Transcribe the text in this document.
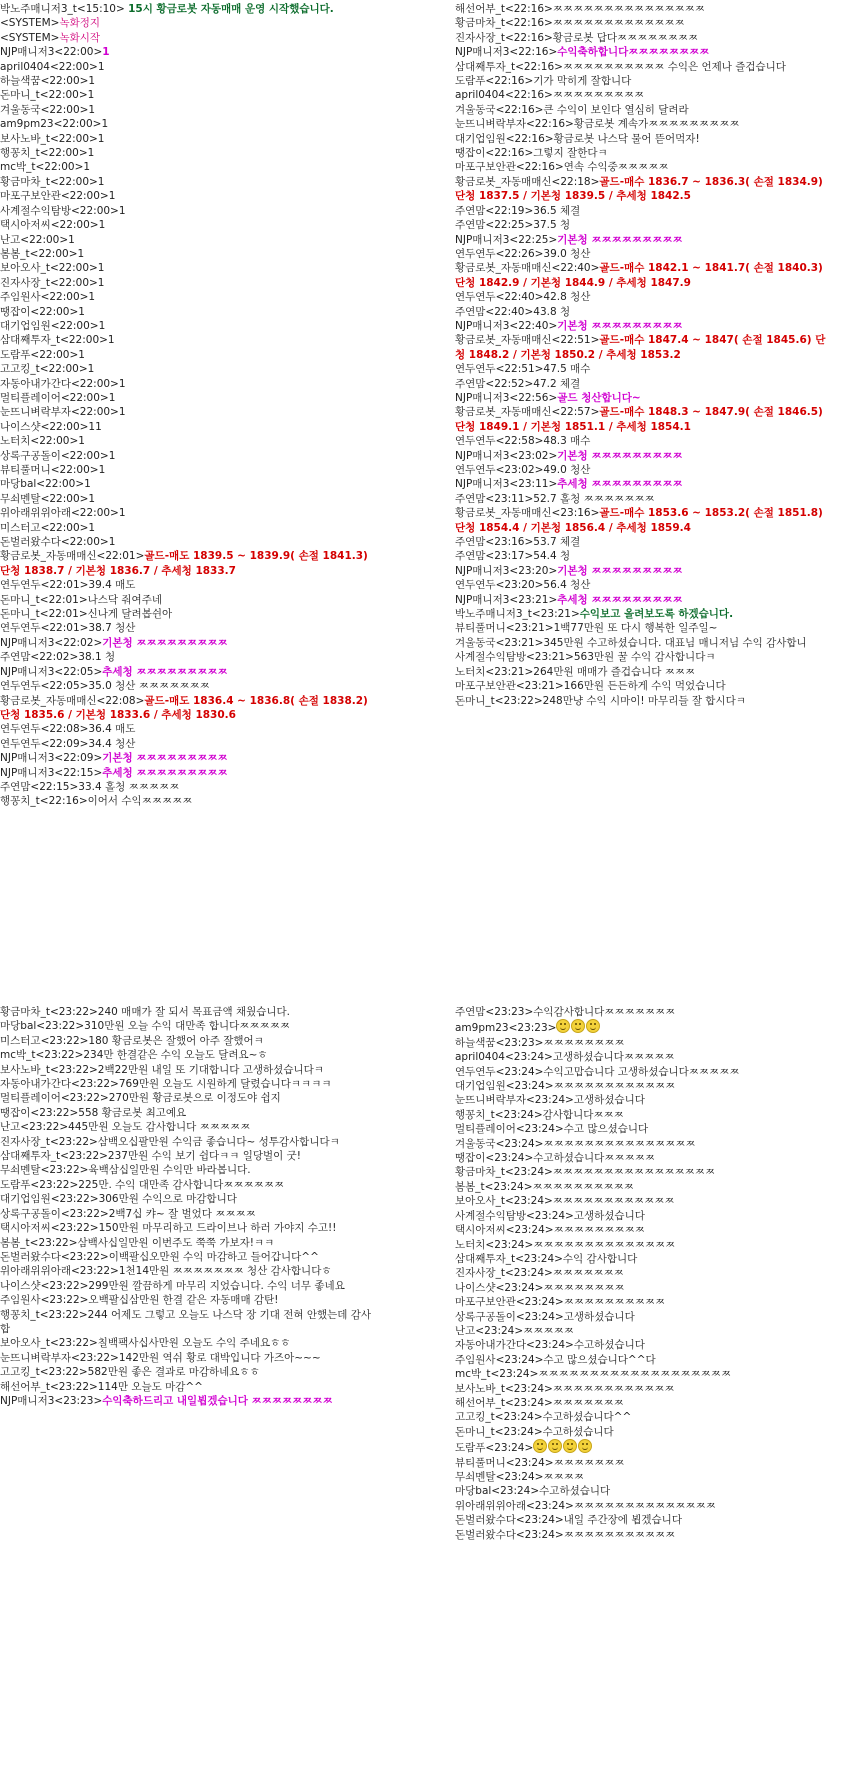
박노주매니저3_t<15:10> 15시 황금로봇 자동매매 운영 시작했습니다.
<SYSTEM>녹화정지
<SYSTEM>녹화시작
NJP매니저3<22:00>1
april0404<22:00>1
하늘색꿈<22:00>1
돈마니_t<22:00>1
겨울동국<22:00>1
am9pm23<22:00>1
보사노바_t<22:00>1
행꽁치_t<22:00>1
mc박_t<22:00>1
황금마차_t<22:00>1
마포구보안관<22:00>1
사계절수익탐방<22:00>1
택시아저씨<22:00>1
난고<22:00>1
봄봄_t<22:00>1
보아오사_t<22:00>1
진자사장_t<22:00>1
주임원사<22:00>1
땡잡이<22:00>1
대기업임원<22:00>1
삼대째투자_t<22:00>1
도람푸<22:00>1
고고킹_t<22:00>1
자동아내가간다<22:00>1
멀티플레이어<22:00>1
눈뜨니벼락부자<22:00>1
나이스샷<22:00>11
노터치<22:00>1
상록구공돌이<22:00>1
뷰티풀머니<22:00>1
마당bal<22:00>1
무쇠멘탈<22:00>1
위아래위위아래<22:00>1
미스터고<22:00>1
돈벌러왔수다<22:00>1
황금로봇_자동매매신<22:01>골드-매도 1839.5 ~ 1839.9( 손절 1841.3) 단청 1838.7 / 기본청 1836.7 / 추세청 1833.7
연두연두<22:01>39.4 매도
돈마니_t<22:01>나스닥 줘여주네
돈마니_t<22:01>신나게 달려봅쉰아
연두연두<22:01>38.7 청산
NJP매니저3<22:02>기본청 ㅉㅉㅉㅉㅉㅉㅉㅉㅉ
주연맘<22:02>38.1 청
NJP매니저3<22:05>추세청 ㅉㅉㅉㅉㅉㅉㅉㅉㅉ
연두연두<22:05>35.0 청산 ㅉㅉㅉㅉㅉㅉㅉ
황금로봇_자동매매신<22:08>골드-매도 1836.4 ~ 1836.8( 손절 1838.2) 단청 1835.6 / 기본청 1833.6 / 추세청 1830.6
연두연두<22:08>36.4 매도
연두연두<22:09>34.4 청산
NJP매니저3<22:09>기본청 ㅉㅉㅉㅉㅉㅉㅉㅉㅉ
NJP매니저3<22:15>추세청 ㅉㅉㅉㅉㅉㅉㅉㅉㅉ
주연맘<22:15>33.4 홀청 ㅉㅉㅉㅉㅉ
행꽁치_t<22:16>이어서 수익ㅉㅉㅉㅉㅉ
해선어부_t<22:16>ㅉㅉㅉㅉㅉㅉㅉㅉㅉㅉㅉㅉㅉㅉㅉ
황금마차_t<22:16>ㅉㅉㅉㅉㅉㅉㅉㅉㅉㅉㅉㅉㅉ
진자사장_t<22:16>황금로봇 답다ㅉㅉㅉㅉㅉㅉㅉㅉ
NJP매니저3<22:16>수익축하합니다ㅉㅉㅉㅉㅉㅉㅉㅉ
삼대째투자_t<22:16>ㅉㅉㅉㅉㅉㅉㅉㅉㅉㅉ 수익은 언제나 즐겁습니다
도람푸<22:16>기가 막히게 잘합니다
april0404<22:16>ㅉㅉㅉㅉㅉㅉㅉㅉㅉ
겨울동국<22:16>큰 수익이 보인다 열심히 달려라
눈뜨니벼락부자<22:16>황금로봇 계속가ㅉㅉㅉㅉㅉㅉㅉㅉㅉ
대기업임원<22:16>황금로봇 나스닥 물어 뜯어먹자!
땡잡이<22:16>그렇지 잘한다ㅋ
마포구보안관<22:16>연속 수익중ㅉㅉㅉㅉㅉ
황금로봇_자동매매신<22:18>골드-매수 1836.7 ~ 1836.3( 손절 1834.9) 단청 1837.5 / 기본청 1839.5 / 추세청 1842.5
주연맘<22:19>36.5 체결
주연맘<22:25>37.5 청
NJP매니저3<22:25>기본청 ㅉㅉㅉㅉㅉㅉㅉㅉㅉ
연두연두<22:26>39.0 청산
황금로봇_자동매매신<22:40>골드-매수 1842.1 ~ 1841.7( 손절 1840.3) 단청 1842.9 / 기본청 1844.9 / 추세청 1847.9
연두연두<22:40>42.8 청산
주연맘<22:40>43.8 청
NJP매니저3<22:40>기본청 ㅉㅉㅉㅉㅉㅉㅉㅉㅉ
황금로봇_자동매매신<22:51>골드-매수 1847.4 ~ 1847( 손절 1845.6) 단청 1848.2 / 기본청 1850.2 / 추세청 1853.2
연두연두<22:51>47.5 매수
주연맘<22:52>47.2 체결
NJP매니저3<22:56>골드 청산합니다~
황금로봇_자동매매신<22:57>골드-매수 1848.3 ~ 1847.9( 손절 1846.5) 단청 1849.1 / 기본청 1851.1 / 추세청 1854.1
연두연두<22:58>48.3 매수
NJP매니저3<23:02>기본청 ㅉㅉㅉㅉㅉㅉㅉㅉㅉ
연두연두<23:02>49.0 청산
NJP매니저3<23:11>추세청 ㅉㅉㅉㅉㅉㅉㅉㅉㅉ
주연맘<23:11>52.7 홀청 ㅉㅉㅉㅉㅉㅉㅉ
황금로봇_자동매매신<23:16>골드-매수 1853.6 ~ 1853.2( 손절 1851.8) 단청 1854.4 / 기본청 1856.4 / 추세청 1859.4
주연맘<23:16>53.7 체결
주연맘<23:17>54.4 청
NJP매니저3<23:20>기본청 ㅉㅉㅉㅉㅉㅉㅉㅉㅉ
연두연두<23:20>56.4 청산
NJP매니저3<23:21>추세청 ㅉㅉㅉㅉㅉㅉㅉㅉㅉ
박노주매니저3_t<23:21>수익보고 올려보도록 하겠습니다.
뷰티풀머니<23:21>1백77만원 또 다시 행복한 일주일~
겨울동국<23:21>345만원 수고하셨습니다. 대표님 매니저님 수익 감사합니
사계절수익탐방<23:21>563만원 꿀 수익 감사합니다ㅋ
노터치<23:21>264만원 매매가 즐겁습니다 ㅉㅉㅉ
마포구보안관<23:21>166만원 든든하게 수익 먹었습니다
돈마니_t<23:22>248만냥 수익 시마이! 마무리들 잘 합시다ㅋ
황금마차_t<23:22>240 매매가 잘 되서 목표금액 채웠습니다.
마당bal<23:22>310만원 오늘 수익 대만족 합니다ㅉㅉㅉㅉㅉ
미스터고<23:22>180 황금로봇은 잘했어 아주 잘했어ㅋ
mc박_t<23:22>234만 한결같은 수익 오늘도 달려요~ㅎ
보사노바_t<23:22>2백22만원 내일 또 기대합니다 고생하셨습니다ㅋ
자동아내가간다<23:22>769만원 오늘도 시원하게 달렸습니다ㅋㅋㅋㅋ
멀티플레이어<23:22>270만원 황금로봇으로 이정도야 쉽지
땡잡이<23:22>558 황금로봇 최고예요
난고<23:22>445만원 오늘도 감사합니다 ㅉㅉㅉㅉㅉ
진자사장_t<23:22>삼백오십팔만원 수익금 좋습니다~ 성투감사합니다ㅋ
삼대째투자_t<23:22>237만원 수익 보기 쉽다ㅋㅋ 일당벌이 굿!
무쇠멘탈<23:22>육백삼십일만원 수익만 바라봅니다.
도람푸<23:22>225만. 수익 대만족 감사합니다ㅉㅉㅉㅉㅉㅉ
대기업임원<23:22>306만원 수익으로 마감합니다
상록구공돌이<23:22>2백7십 캬~ 잘 벌었다 ㅉㅉㅉㅉ
택시아저씨<23:22>150만원 마무리하고 드라이브나 하러 가야지 수고!!
봄봄_t<23:22>삼백사십일만원 이번주도 쭉쭉 가보자!ㅋㅋ
돈벌러왔수다<23:22>이백팔십오만원 수익 마감하고 들어갑니다^^
위아래위위아래<23:22>1천14만원 ㅉㅉㅉㅉㅉㅉㅉ 청산 감사합니다ㅎ
나이스샷<23:22>299만원 깔끔하게 마무리 지었습니다. 수익 너무 좋네요
주임원사<23:22>오백팔십삼만원 한결 같은 자동매매 감탄!
행꽁치_t<23:22>244 어제도 그렇고 오늘도 나스닥 장 기대 전혀 안했는데 감사합
보아오사_t<23:22>칠백팩사십사만원 오늘도 수익 주네요ㅎㅎ
눈뜨니벼락부자<23:22>142만원 역쉬 황로 대박입니다 가즈아~~~
고고킹_t<23:22>582만원 좋은 결과로 마감하네요ㅎㅎ
해선어부_t<23:22>114만 오늘도 마감^^
NJP매니저3<23:23>수익축하드리고 내일뵙겠습니다 ㅉㅉㅉㅉㅉㅉㅉㅉ
주연맘<23:23>수익감사합니다ㅉㅉㅉㅉㅉㅉㅉ
am9pm23<23:23>
하늘색꿈<23:23>ㅉㅉㅉㅉㅉㅉㅉㅉ
april0404<23:24>고생하셨습니다ㅉㅉㅉㅉㅉ
연두연두<23:24>수익고맙습니다 고생하셨습니다ㅉㅉㅉㅉㅉ
대기업임원<23:24>ㅉㅉㅉㅉㅉㅉㅉㅉㅉㅉㅉㅉ
눈뜨니벼락부자<23:24>고생하셨습니다
행꽁치_t<23:24>감사합니다ㅉㅉㅉ
멀티플레이어<23:24>수고 많으셨습니다
겨울동국<23:24>ㅉㅉㅉㅉㅉㅉㅉㅉㅉㅉㅉㅉㅉㅉㅉ
땡잡이<23:24>수고하셨습니다ㅉㅉㅉㅉㅉ
황금마차_t<23:24>ㅉㅉㅉㅉㅉㅉㅉㅉㅉㅉㅉㅉㅉㅉㅉㅉ
봄봄_t<23:24>ㅉㅉㅉㅉㅉㅉㅉㅉㅉㅉ
보아오사_t<23:24>ㅉㅉㅉㅉㅉㅉㅉㅉㅉㅉㅉㅉ
사계절수익탐방<23:24>고생하셨습니다
택시아저씨<23:24>ㅉㅉㅉㅉㅉㅉㅉㅉㅉ
노터치<23:24>ㅉㅉㅉㅉㅉㅉㅉㅉㅉㅉㅉㅉㅉㅉ
삼대째투자_t<23:24>수익 감사합니다
진자사장_t<23:24>ㅉㅉㅉㅉㅉㅉㅉ
나이스샷<23:24>ㅉㅉㅉㅉㅉㅉㅉㅉ
마포구보안관<23:24>ㅉㅉㅉㅉㅉㅉㅉㅉㅉㅉ
상록구공돌이<23:24>고생하셨습니다
난고<23:24>ㅉㅉㅉㅉㅉ
자동아내가간다<23:24>수고하셨습니다
주임원사<23:24>수고 많으셨습니다^^다
mc박_t<23:24>ㅉㅉㅉㅉㅉㅉㅉㅉㅉㅉㅉㅉㅉㅉㅉㅉㅉㅉㅉ
보사노바_t<23:24>ㅉㅉㅉㅉㅉㅉㅉㅉㅉㅉㅉㅉ
해선어부_t<23:24>ㅉㅉㅉㅉㅉㅉㅉ
고고킹_t<23:24>수고하셨습니다^^
돈마니_t<23:24>수고하셨습니다
도람푸<23:24>
뷰티풀머니<23:24>ㅉㅉㅉㅉㅉㅉㅉ
무쇠멘탈<23:24>ㅉㅉㅉㅉ
마당bal<23:24>수고하셨습니다
위아래위위아래<23:24>ㅉㅉㅉㅉㅉㅉㅉㅉㅉㅉㅉㅉㅉㅉ
돈벌러왔수다<23:24>내일 주간장에 뵙겠습니다
돈벌러왔수다<23:24>ㅉㅉㅉㅉㅉㅉㅉㅉㅉㅉㅉ
